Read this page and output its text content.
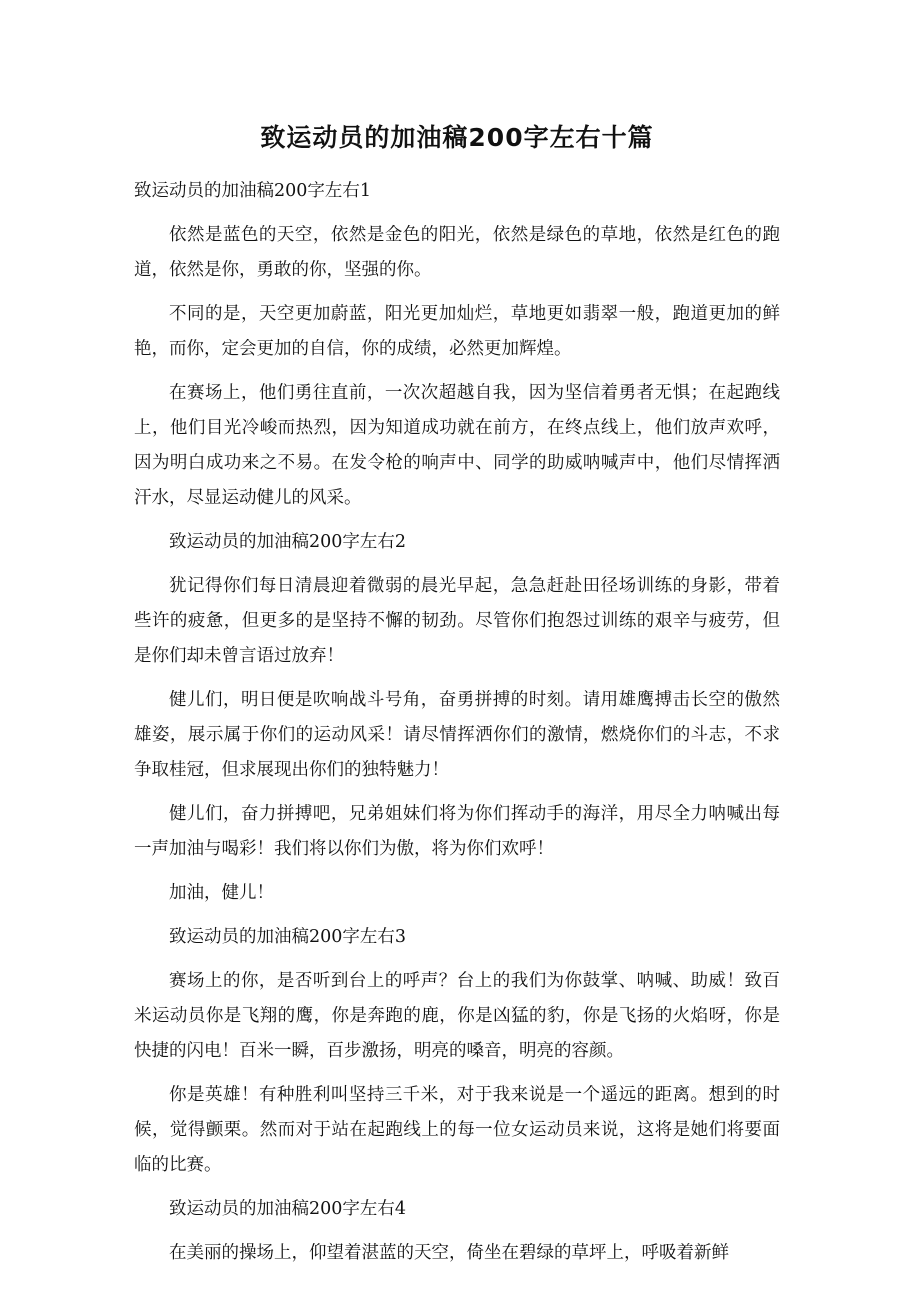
致运动员的加油稿200字左右十篇

致运动员的加油稿200字左右1

依然是蓝色的天空，依然是金色的阳光，依然是绿色的草地，依然是红色的跑道，依然是你，勇敢的你，坚强的你。

不同的是，天空更加蔚蓝，阳光更加灿烂，草地更如翡翠一般，跑道更加的鲜艳，而你，定会更加的自信，你的成绩，必然更加辉煌。

在赛场上，他们勇往直前，一次次超越自我，因为坚信着勇者无惧；在起跑线上，他们目光冷峻而热烈，因为知道成功就在前方，在终点线上，他们放声欢呼，因为明白成功来之不易。在发令枪的响声中、同学的助威呐喊声中，他们尽情挥洒汗水，尽显运动健儿的风采。

致运动员的加油稿200字左右2

犹记得你们每日清晨迎着微弱的晨光早起，急急赶赴田径场训练的身影，带着些许的疲惫，但更多的是坚持不懈的韧劲。尽管你们抱怨过训练的艰辛与疲劳，但是你们却未曾言语过放弃！

健儿们，明日便是吹响战斗号角，奋勇拼搏的时刻。请用雄鹰搏击长空的傲然雄姿，展示属于你们的运动风采！请尽情挥洒你们的激情，燃烧你们的斗志，不求争取桂冠，但求展现出你们的独特魅力！

健儿们，奋力拼搏吧，兄弟姐妹们将为你们挥动手的海洋，用尽全力呐喊出每一声加油与喝彩！我们将以你们为傲，将为你们欢呼！

加油，健儿！

致运动员的加油稿200字左右3

赛场上的你，是否听到台上的呼声？台上的我们为你鼓掌、呐喊、助威！致百米运动员你是飞翔的鹰，你是奔跑的鹿，你是凶猛的豹，你是飞扬的火焰呀，你是快捷的闪电！百米一瞬，百步激扬，明亮的嗓音，明亮的容颜。

你是英雄！有种胜利叫坚持三千米，对于我来说是一个遥远的距离。想到的时候，觉得颤栗。然而对于站在起跑线上的每一位女运动员来说，这将是她们将要面临的比赛。

致运动员的加油稿200字左右4

在美丽的操场上，仰望着湛蓝的天空，倚坐在碧绿的草坪上，呼吸着新鲜
